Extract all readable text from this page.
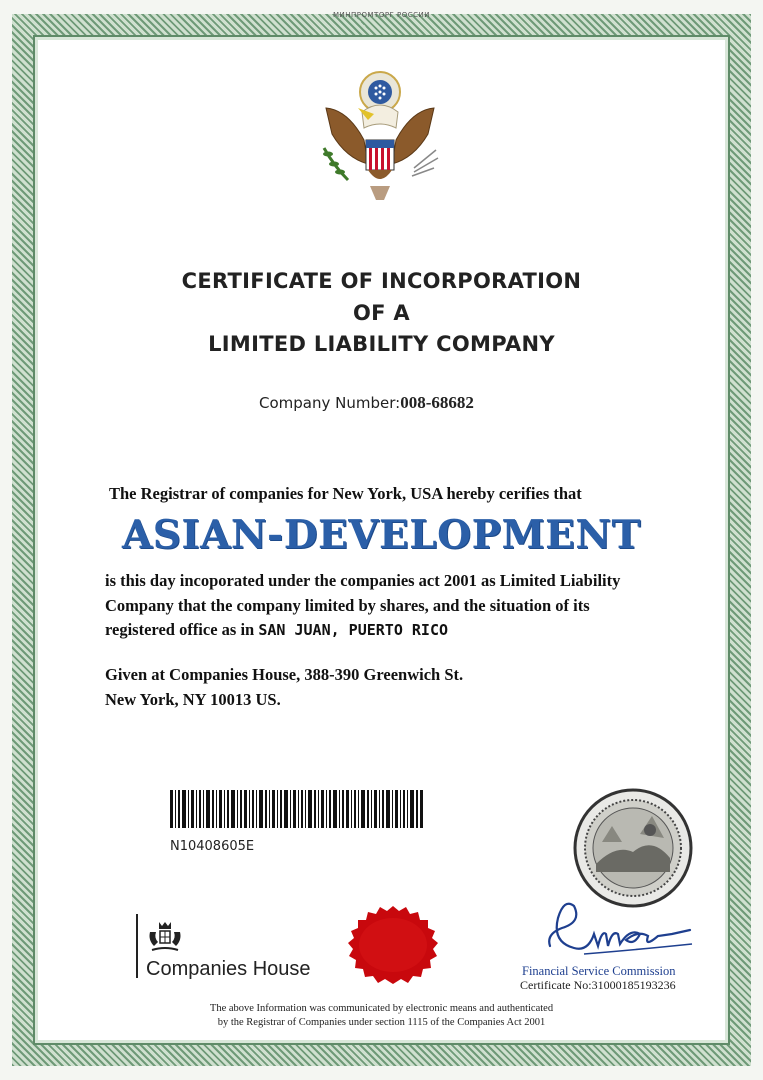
МИНПРОМТОРГ РОССИИ
CERTIFICATE OF INCORPORATION
OF A
LIMITED LIABILITY COMPANY
Company Number:008-68682
The Registrar of companies for New York, USA hereby cerifies that
ASIAN-DEVELOPMENT
is this day incoporated under the companies act 2001 as Limited Liability
Company that the company limited by shares, and the situation of its
registered office as in SAN JUAN, PUERTO RICO
Given at Companies House, 388-390 Greenwich St.
New York, NY 10013 US.
N10408605E
Companies House	Financial Service Commission
Certificate No:31000185193236
The above Information was communicated by electronic means and authenticated
by the Registrar of Companies under section 1115 of the Companies Act 2001
